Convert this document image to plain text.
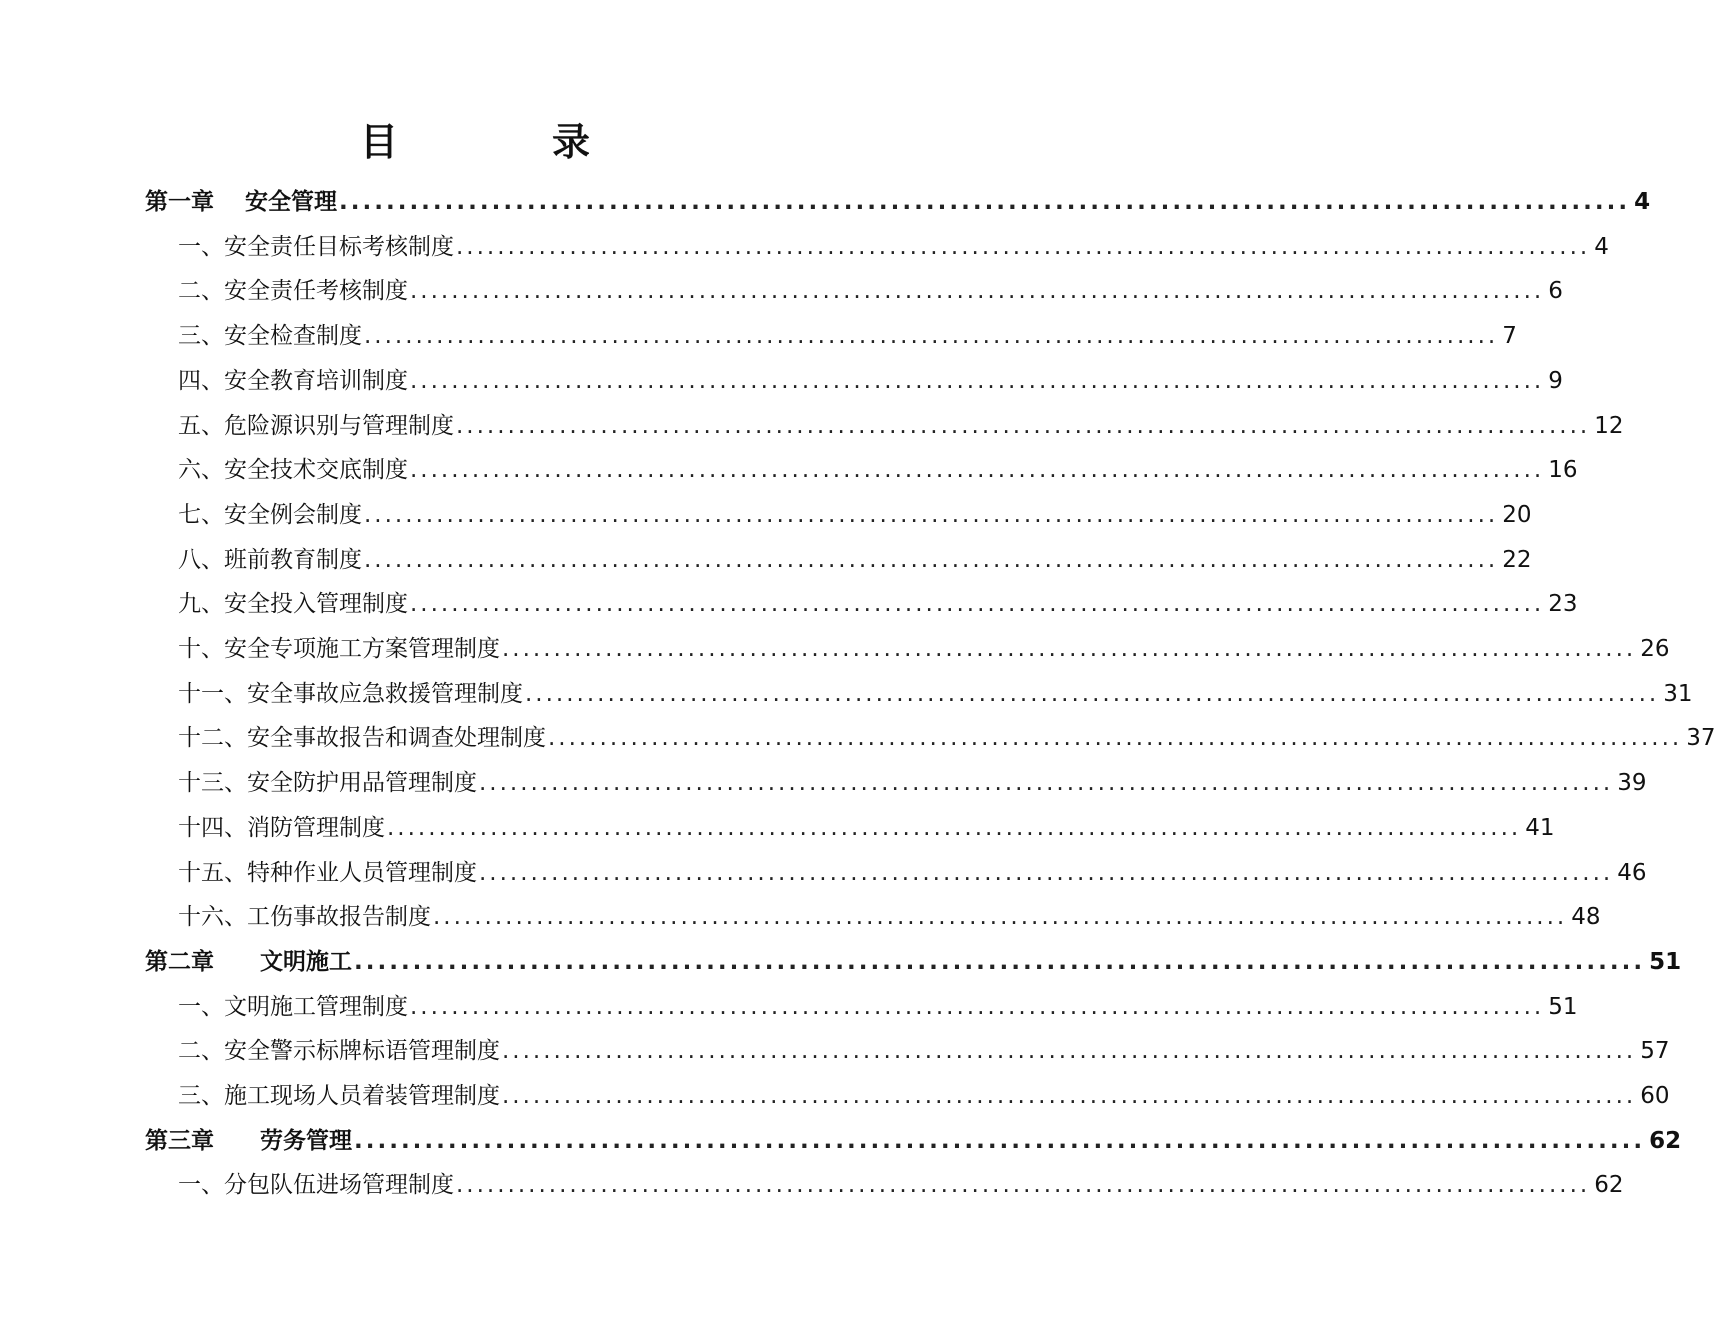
目　录
第一章　 安全管理 .............................................................................................................. 4
一、安全责任目标考核制度 .............................................................................................................. 4
二、安全责任考核制度 .............................................................................................................. 6
三、安全检查制度 .............................................................................................................. 7
四、安全教育培训制度 .............................................................................................................. 9
五、危险源识别与管理制度 .............................................................................................................. 12
六、安全技术交底制度 .............................................................................................................. 16
七、安全例会制度 .............................................................................................................. 20
八、班前教育制度 .............................................................................................................. 22
九、安全投入管理制度 .............................................................................................................. 23
十、安全专项施工方案管理制度 .............................................................................................................. 26
十一、安全事故应急救援管理制度 .............................................................................................................. 31
十二、安全事故报告和调查处理制度 .............................................................................................................. 37
十三、安全防护用品管理制度 .............................................................................................................. 39
十四、消防管理制度 .............................................................................................................. 41
十五、特种作业人员管理制度 .............................................................................................................. 46
十六、工伤事故报告制度 .............................................................................................................. 48
第二章　　文明施工 .............................................................................................................. 51
一、文明施工管理制度 .............................................................................................................. 51
二、安全警示标牌标语管理制度 .............................................................................................................. 57
三、施工现场人员着装管理制度 .............................................................................................................. 60
第三章　　劳务管理 .............................................................................................................. 62
一、分包队伍进场管理制度 .............................................................................................................. 62
